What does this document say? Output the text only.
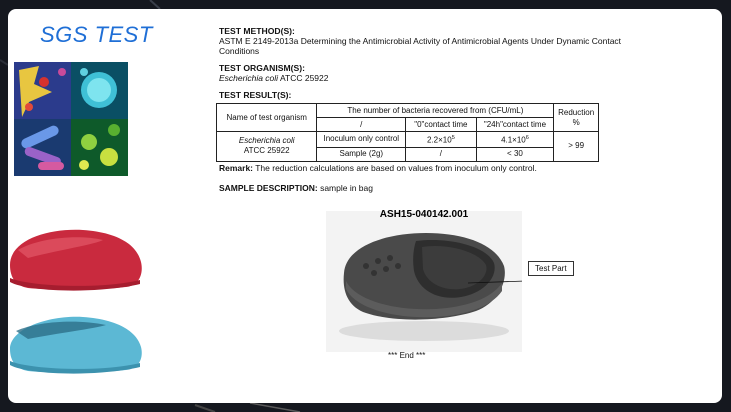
SGS TEST	TEST METHOD(S):

ASTM E 2149-2013a Determining the Antimicrobial Activity of Antimicrobial Agents Under Dynamic Contact Conditions

TEST ORGANISM(S):

Escherichia coli ATCC 25922

TEST RESULT(S):
Name of test organism	The number of bacteria recovered from (CFU/mL)			Reduction %
	/	"0"contact time	"24h"contact time	
Escherichia coli
ATCC 25922	Inoculum only control	$2.2\times 10^5$	$4.1\times 10^6$	> 99
	Sample (2g)	/	< 30	

Remark: The reduction calculations are based on values from inoculum only control.

SAMPLE DESCRIPTION: sample in bag

ASH15-040142.001
Test Part
*** End ***
